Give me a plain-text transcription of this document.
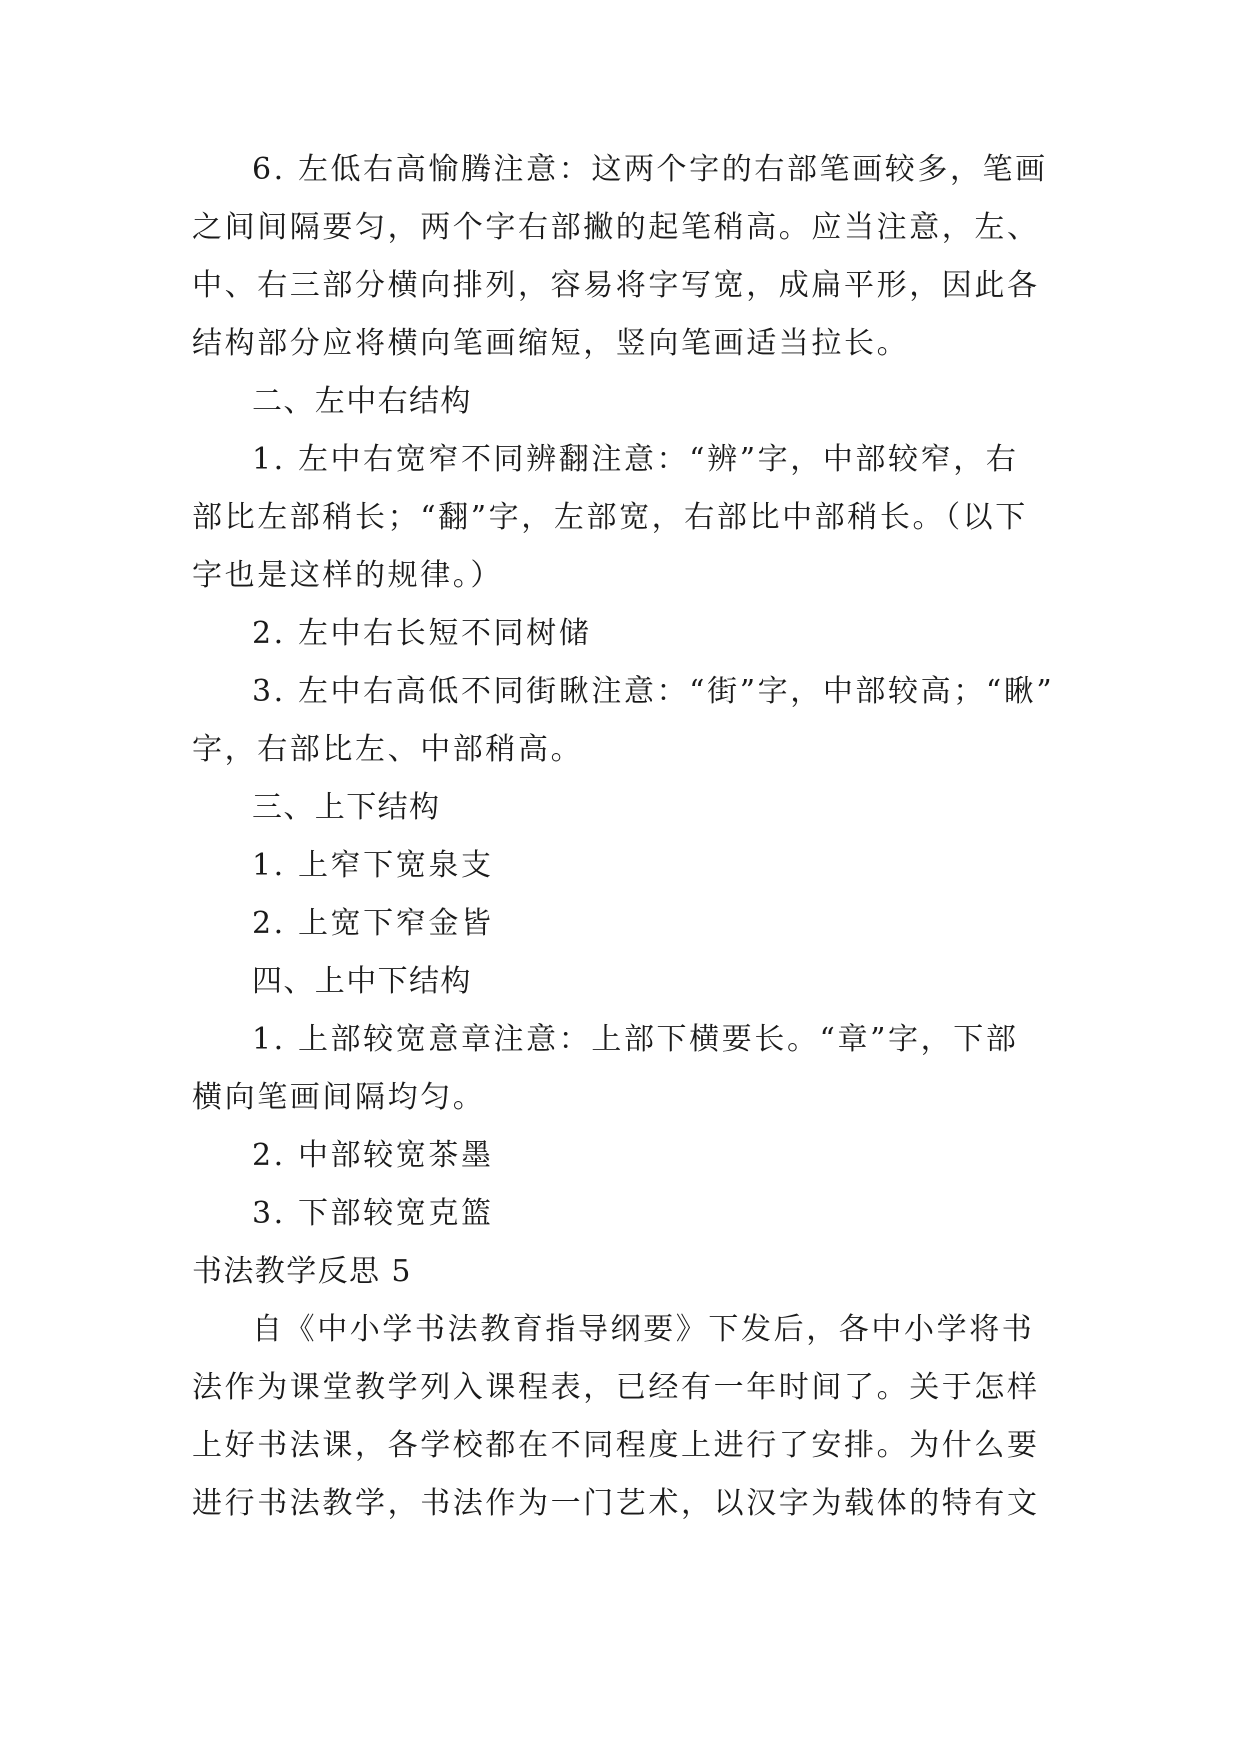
6. 左低右高愉腾注意：这两个字的右部笔画较多，笔画
之间间隔要匀，两个字右部撇的起笔稍高。应当注意，左、
中、右三部分横向排列，容易将字写宽，成扁平形，因此各
结构部分应将横向笔画缩短，竖向笔画适当拉长。
二、左中右结构
1. 左中右宽窄不同辨翻注意：“辨”字，中部较窄，右
部比左部稍长；“翻”字，左部宽，右部比中部稍长。（以下
字也是这样的规律。）
2. 左中右长短不同树储
3. 左中右高低不同街瞅注意：“街”字，中部较高；“瞅”
字，右部比左、中部稍高。
三、上下结构
1. 上窄下宽泉支
2. 上宽下窄金皆
四、上中下结构
1. 上部较宽意章注意：上部下横要长。“章”字，下部
横向笔画间隔均匀。
2. 中部较宽茶墨
3. 下部较宽克篮
书法教学反思 5
自《中小学书法教育指导纲要》下发后，各中小学将书
法作为课堂教学列入课程表，已经有一年时间了。关于怎样
上好书法课，各学校都在不同程度上进行了安排。为什么要
进行书法教学，书法作为一门艺术，以汉字为载体的特有文
